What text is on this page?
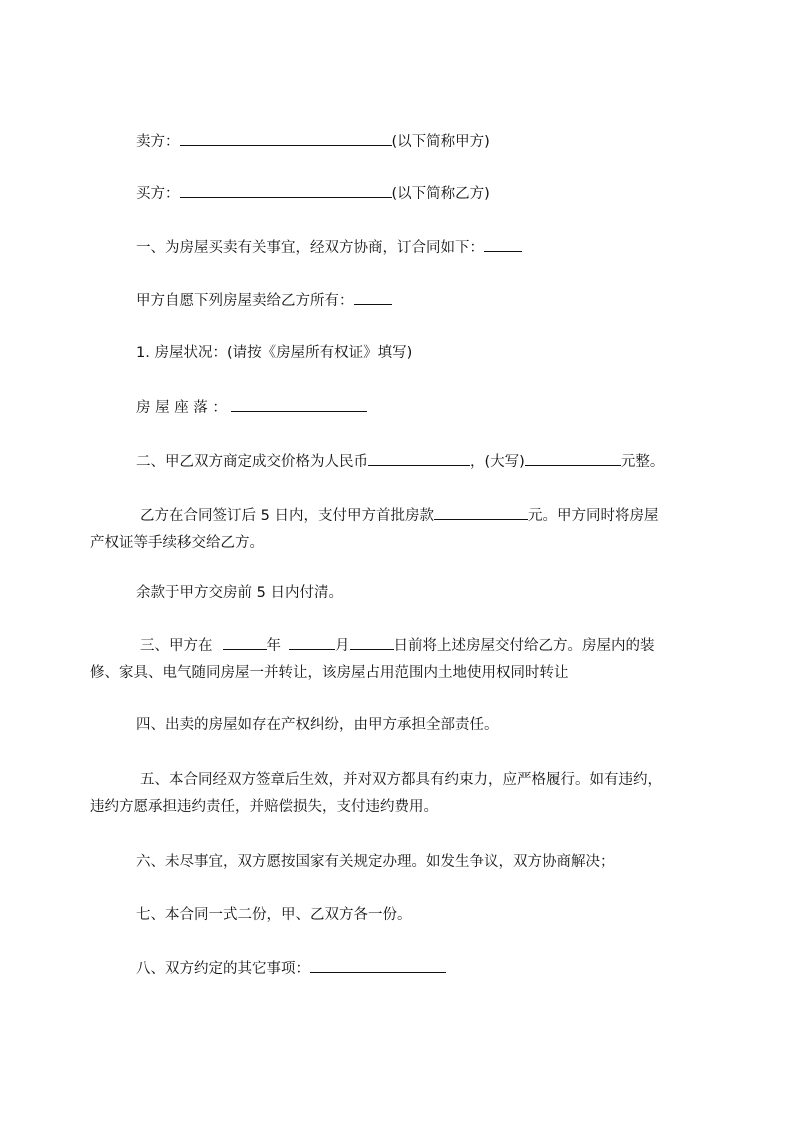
卖方：	(以下简称甲方)
买方：	(以下简称乙方)
一、为房屋买卖有关事宜，经双方协商，订合同如下：
甲方自愿下列房屋卖给乙方所有：
1. 房屋状况：(请按《房屋所有权证》填写)
房 屋 座 落 ：
二、甲乙双方商定成交价格为人民币	，(大写)	元整。
乙方在合同签订后 5 日内，支付甲方首批房款	元。甲方同时将房屋
产权证等手续移交给乙方。
余款于甲方交房前 5 日内付清。
三、甲方在	年	月	日前将上述房屋交付给乙方。房屋内的装
修、家具、电气随同房屋一并转让，该房屋占用范围内土地使用权同时转让
四、出卖的房屋如存在产权纠纷，由甲方承担全部责任。
五、本合同经双方签章后生效，并对双方都具有约束力，应严格履行。如有违约，
违约方愿承担违约责任，并赔偿损失，支付违约费用。
六、未尽事宜，双方愿按国家有关规定办理。如发生争议，双方协商解决；
七、本合同一式二份，甲、乙双方各一份。
八、双方约定的其它事项：
